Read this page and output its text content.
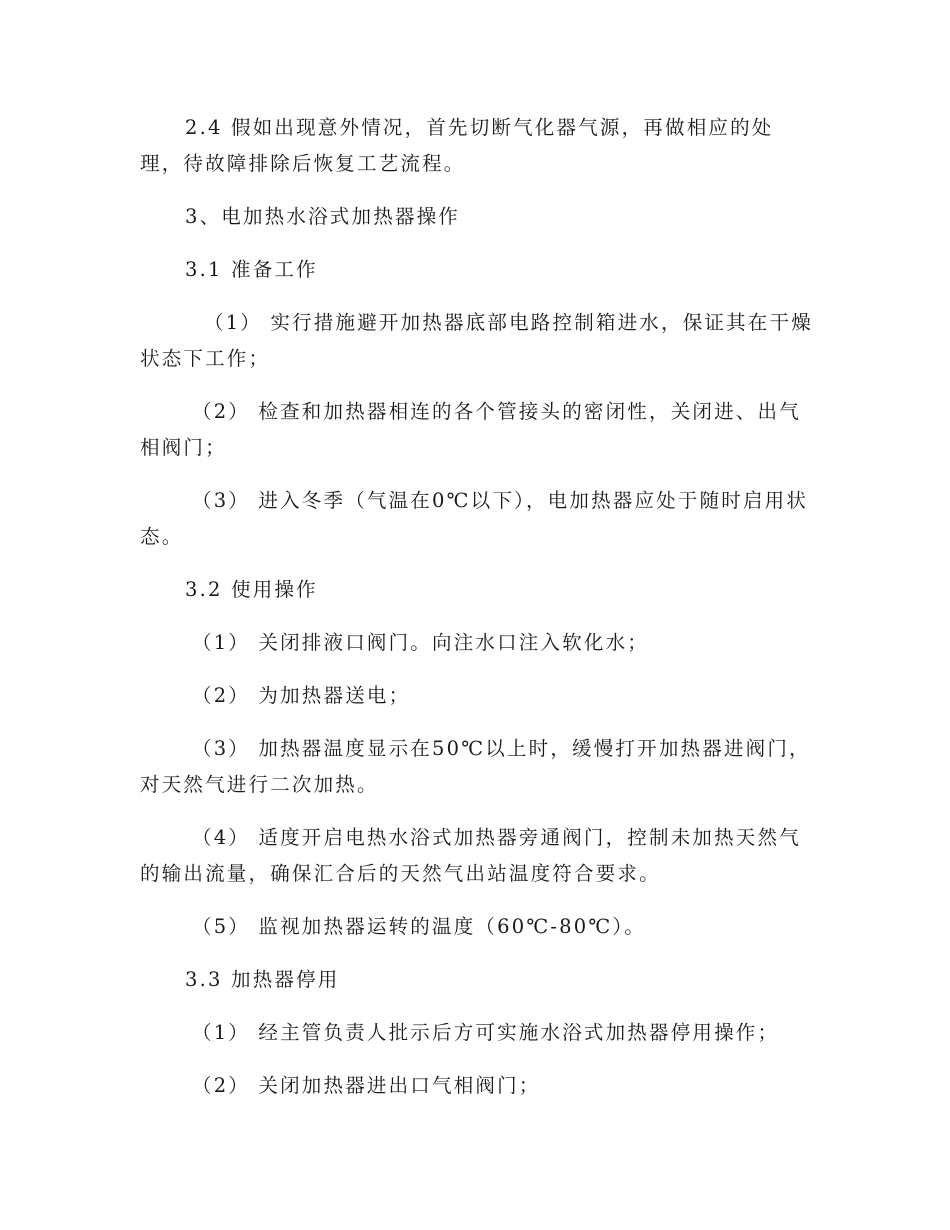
2.4 假如出现意外情况，首先切断气化器气源，再做相应的处
理，待故障排除后恢复工艺流程。

3、电加热水浴式加热器操作

3.1 准备工作

（1） 实行措施避开加热器底部电路控制箱进水，保证其在干燥
状态下工作；

（2） 检查和加热器相连的各个管接头的密闭性，关闭进、出气
相阀门；

（3） 进入冬季（气温在0℃以下），电加热器应处于随时启用状
态。

3.2 使用操作

（1） 关闭排液口阀门。向注水口注入软化水；

（2） 为加热器送电；

（3） 加热器温度显示在50℃以上时，缓慢打开加热器进阀门，
对天然气进行二次加热。

（4） 适度开启电热水浴式加热器旁通阀门，控制未加热天然气
的输出流量，确保汇合后的天然气出站温度符合要求。

（5） 监视加热器运转的温度（60℃-80℃）。

3.3 加热器停用

（1） 经主管负责人批示后方可实施水浴式加热器停用操作；

（2） 关闭加热器进出口气相阀门；
